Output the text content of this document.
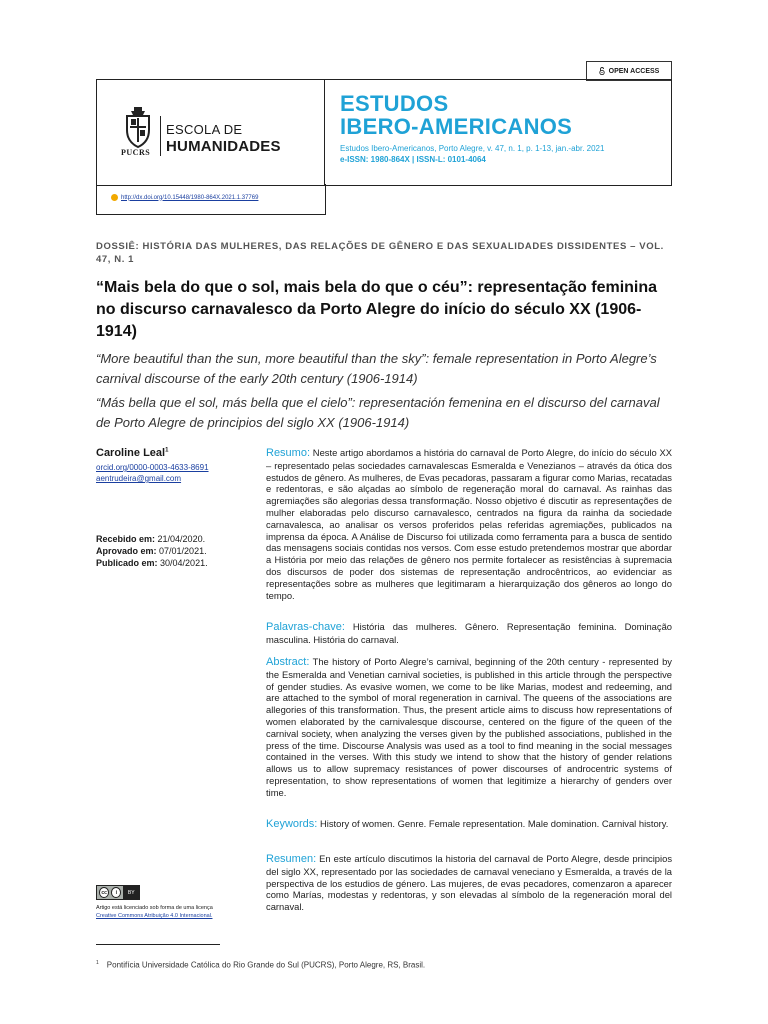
OPEN ACCESS
PUCRS
ESCOLA DE
HUMANIDADES
ESTUDOS
IBERO-AMERICANOS
Estudos Ibero-Americanos, Porto Alegre, v. 47, n. 1, p. 1-13, jan.-abr. 2021
e-ISSN: 1980-864X | ISSN-L: 0101-4064
http://dx.doi.org/10.15448/1980-864X.2021.1.37769
DOSSIÊ: HISTÓRIA DAS MULHERES, DAS RELAÇÕES DE GÊNERO E DAS SEXUALIDADES DISSIDENTES – VOL. 47, N. 1
“Mais bela do que o sol, mais bela do que o céu”: representação feminina no discurso carnavalesco da Porto Alegre do início do século XX (1906-1914)
“More beautiful than the sun, more beautiful than the sky”: female representation in Porto Alegre’s carnival discourse of the early 20th century (1906-1914)
“Más bella que el sol, más bella que el cielo”: representación femenina en el discurso del carnaval de Porto Alegre de principios del siglo XX (1906-1914)
Caroline Leal$^1$
orcid.org/0000-0003-4633-8691
aentrudeira@gmail.com
Recebido em: 21/04/2020.
Aprovado em: 07/01/2021.
Publicado em: 30/04/2021.
cc	i	BY
Artigo está licenciado sob forma de uma licença
Creative Commons Atribuição 4.0 Internacional.
Resumo: Neste artigo abordamos a história do carnaval de Porto Alegre, do início do século XX – representado pelas sociedades carnavalescas Esmeralda e Venezianos – através da ótica dos estudos de gênero. As mulheres, de Evas pecadoras, passaram a figurar como Marias, recatadas e redentoras, e são alçadas ao símbolo de regeneração moral do carnaval. As rainhas das agremiações são alegorias dessa transformação. Nosso objetivo é discutir as representações de mulher elaboradas pelo discurso carnavalesco, centrados na figura da rainha da sociedade carnavalesca, ao analisar os versos proferidos pelas referidas agremiações, publicados na imprensa da época. A Análise de Discurso foi utilizada como ferramenta para a busca de sentido das mensagens sociais contidas nos versos. Com esse estudo pretendemos mostrar que abordar a História por meio das relações de gênero nos permite fortalecer as resistências à supremacia dos discursos de poder dos sistemas de representação androcêntricos, ao evidenciar as representações sobre as mulheres que legitimaram a hierarquização dos gêneros ao longo do tempo.
Palavras-chave: História das mulheres. Gênero. Representação feminina. Dominação masculina. História do carnaval.
Abstract: The history of Porto Alegre’s carnival, beginning of the 20th century - represented by the Esmeralda and Venetian carnival societies, is published in this article through the perspective of gender studies. As evasive women, we come to be like Marias, modest and redeeming, and are attached to the symbol of moral regeneration in carnival. The queens of the associations are allegories of this transformation. Thus, the present article aims to discuss how representations of women elaborated by the carnivalesque discourse, centered on the figure of the queen of the carnival society, when analyzing the verses given by the published associations, published in the press of the time. Discourse Analysis was used as a tool to find meaning in the social messages contained in the verses. With this study we intend to show that the history of gender relations allows us to allow supremacy resistances of power discourses of androcentric systems of representation, to show representations of women that legitimize a hierarchy of genders over time.
Keywords: History of women. Genre. Female representation. Male domination. Carnival history.
Resumen: En este artículo discutimos la historia del carnaval de Porto Alegre, desde principios del siglo XX, representado por las sociedades de carnaval veneciano y Esmeralda, a través de la perspectiva de los estudios de género. Las mujeres, de evas pecadores, comenzaron a aparecer como Marías, modestas y redentoras, y son elevadas al símbolo de la regeneración moral del carnaval.
$^1$ Pontifícia Universidade Católica do Rio Grande do Sul (PUCRS), Porto Alegre, RS, Brasil.
